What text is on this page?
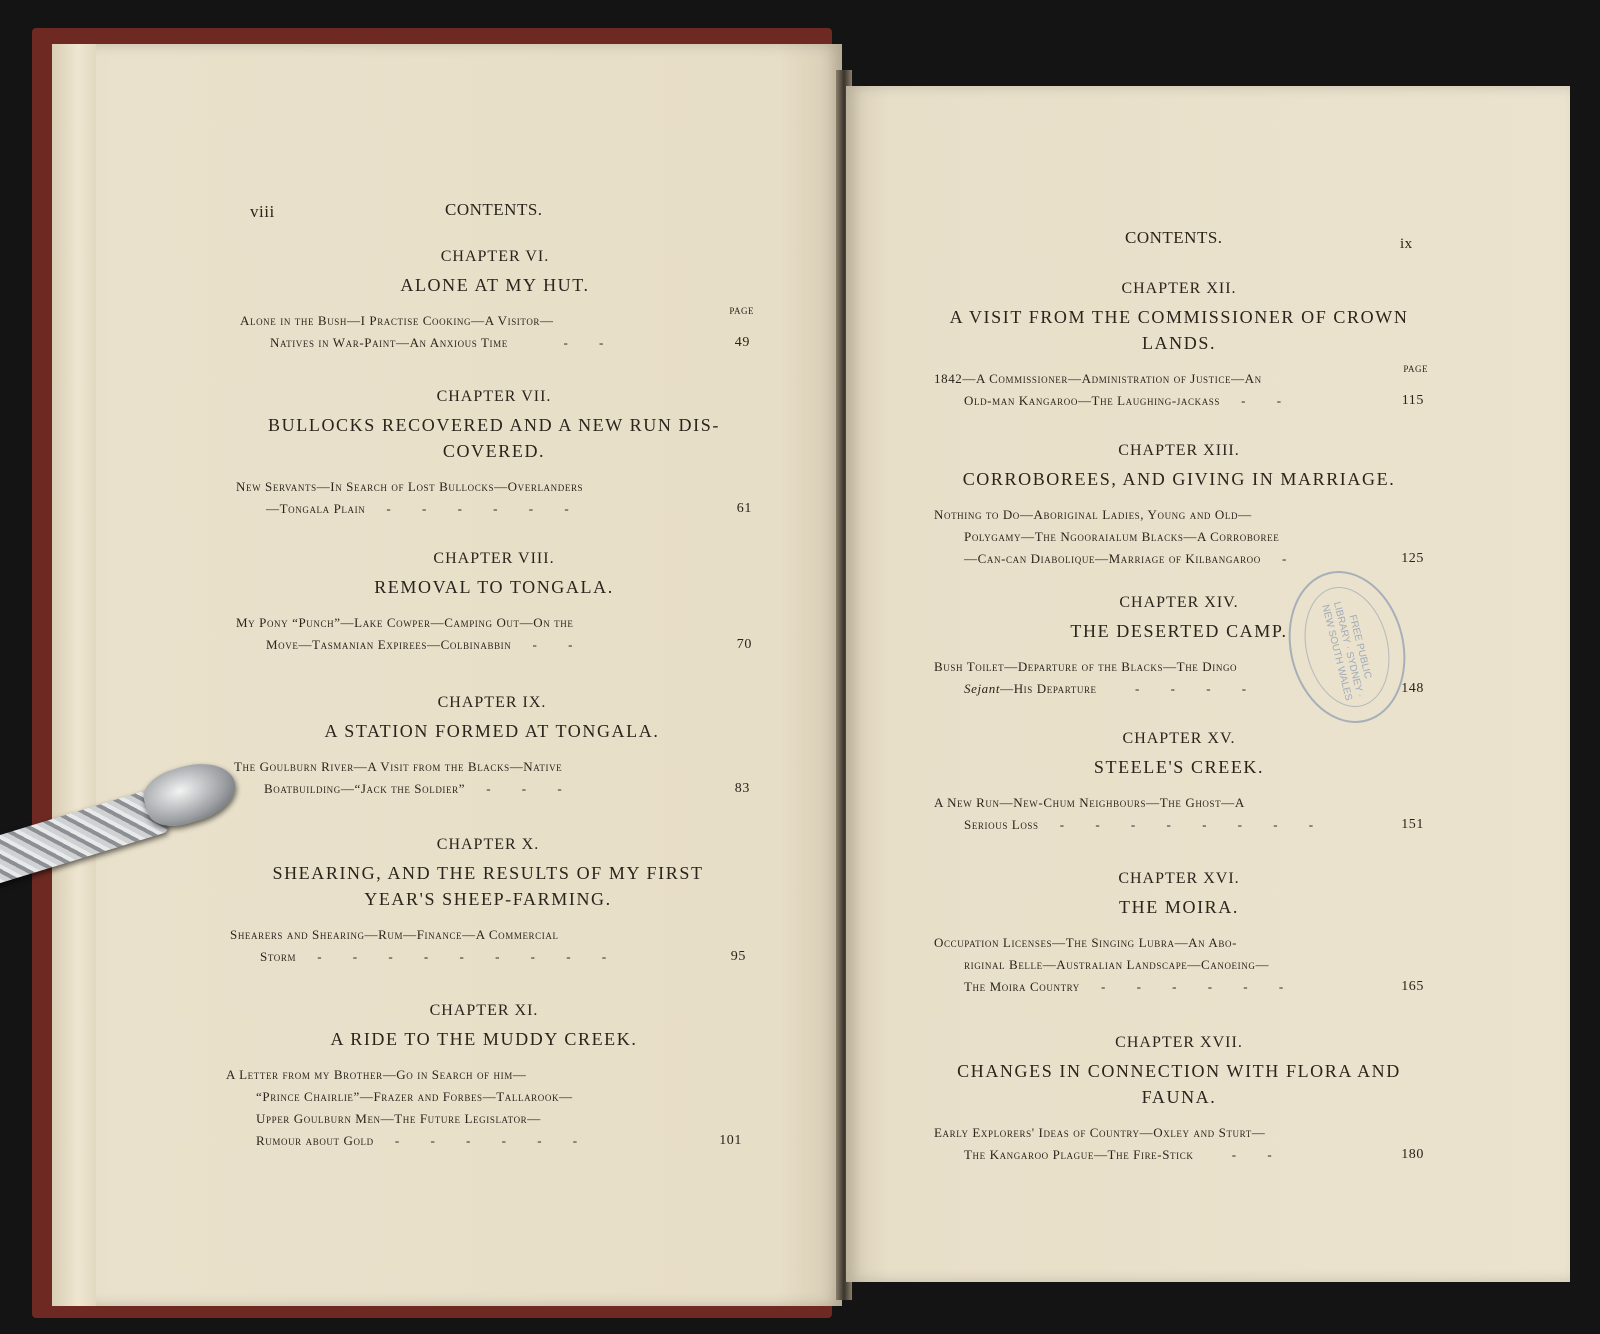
viii	CONTENTS.

CHAPTER VI.

ALONE AT MY HUT.

PAGE
Alone in the Bush—I Practise Cooking—A Visitor—
Natives in War-Paint—An Anxious Time    - -	49

CHAPTER VII.

BULLOCKS RECOVERED AND A NEW RUN DIS-

COVERED.

New Servants—In Search of Lost Bullocks—Overlanders
—Tongala Plain  - - - - - -	61

CHAPTER VIII.

REMOVAL TO TONGALA.

My Pony “Punch”—Lake Cowper—Camping Out—On the
Move—Tasmanian Expirees—Colbinabbin  - -	70

CHAPTER IX.

A STATION FORMED AT TONGALA.

The Goulburn River—A Visit from the Blacks—Native
Boatbuilding—“Jack the Soldier”  - - -	83

CHAPTER X.

SHEARING, AND THE RESULTS OF MY FIRST

YEAR'S SHEEP-FARMING.

Shearers and Shearing—Rum—Finance—A Commercial
Storm  - - - - - - - - -	95

CHAPTER XI.

A RIDE TO THE MUDDY CREEK.

A Letter from my Brother—Go in Search of him—
“Prince Chairlie”—Frazer and Forbes—Tallarook—
Upper Goulburn Men—The Future Legislator—
Rumour about Gold  - - - - - -	101
CONTENTS.	ix

CHAPTER XII.

A VISIT FROM THE COMMISSIONER OF CROWN

LANDS.

PAGE
1842—A Commissioner—Administration of Justice—An
Old-man Kangaroo—The Laughing-jackass  - -	115

CHAPTER XIII.

CORROBOREES, AND GIVING IN MARRIAGE.

Nothing to Do—Aboriginal Ladies, Young and Old—
Polygamy—The Ngooraialum Blacks—A Corroboree
—Can-can Diabolique—Marriage of Kilbangaroo  -	125

CHAPTER XIV.

THE DESERTED CAMP.

Bush Toilet—Departure of the Blacks—The Dingo
Sejant—His Departure   - - - -	148

CHAPTER XV.

STEELE'S CREEK.

A New Run—New-Chum Neighbours—The Ghost—A
Serious Loss  - - - - - - - -	151

CHAPTER XVI.

THE MOIRA.

Occupation Licenses—The Singing Lubra—An Abo-
riginal Belle—Australian Landscape—Canoeing—
The Moira Country  - - - - - -	165

CHAPTER XVII.

CHANGES IN CONNECTION WITH FLORA AND

FAUNA.

Early Explorers' Ideas of Country—Oxley and Sturt—
The Kangaroo Plague—The Fire-Stick   - -	180
FREE PUBLIC LIBRARY · SYDNEY · NEW SOUTH WALES
